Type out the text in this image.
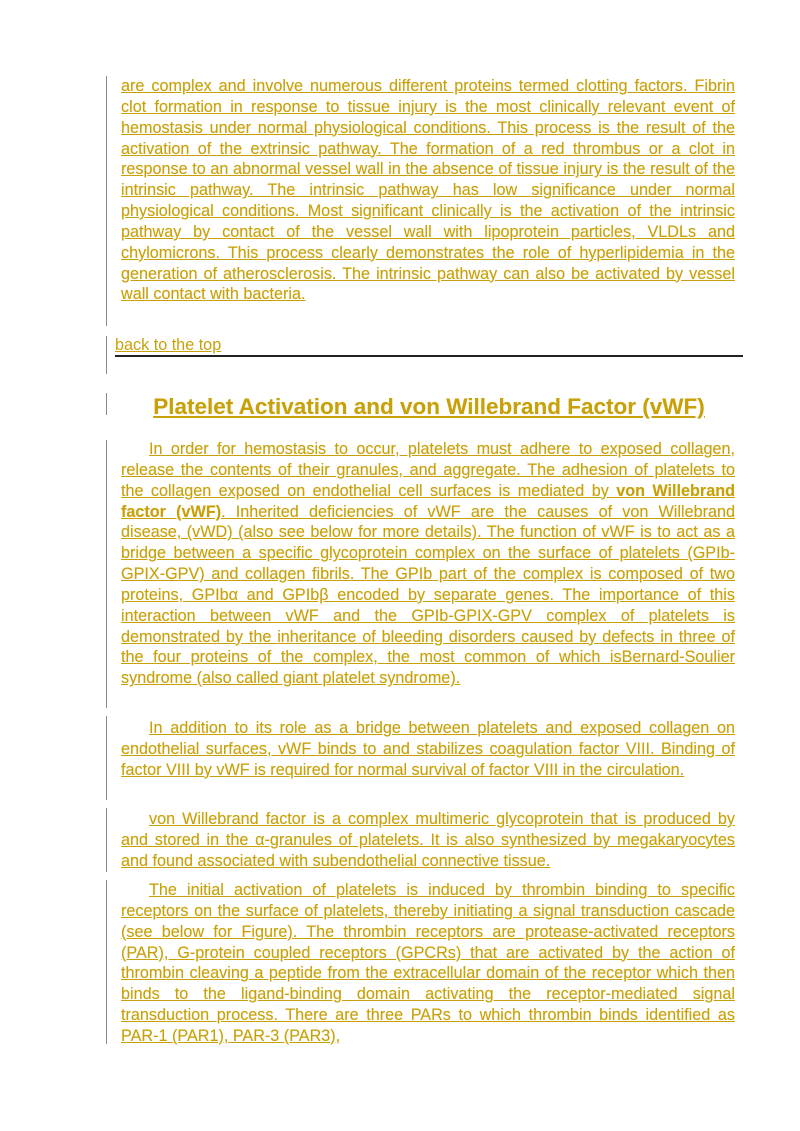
are complex and involve numerous different proteins termed clotting factors. Fibrin clot formation in response to tissue injury is the most clinically relevant event of hemostasis under normal physiological conditions. This process is the result of the activation of the extrinsic pathway. The formation of a red thrombus or a clot in response to an abnormal vessel wall in the absence of tissue injury is the result of the intrinsic pathway. The intrinsic pathway has low significance under normal physiological conditions. Most significant clinically is the activation of the intrinsic pathway by contact of the vessel wall with lipoprotein particles, VLDLs and chylomicrons. This process clearly demonstrates the role of hyperlipidemia in the generation of atherosclerosis. The intrinsic pathway can also be activated by vessel wall contact with bacteria.

back to the top
Platelet Activation and von Willebrand Factor (vWF)

In order for hemostasis to occur, platelets must adhere to exposed collagen, release the contents of their granules, and aggregate. The adhesion of platelets to the collagen exposed on endothelial cell surfaces is mediated by von Willebrand factor (vWF). Inherited deficiencies of vWF are the causes of von Willebrand disease, (vWD) (also see below for more details). The function of vWF is to act as a bridge between a specific glycoprotein complex on the surface of platelets (GPIb-GPIX-GPV) and collagen fibrils. The GPIb part of the complex is composed of two proteins, GPIbα and GPIbβ encoded by separate genes. The importance of this interaction between vWF and the GPIb-GPIX-GPV complex of platelets is demonstrated by the inheritance of bleeding disorders caused by defects in three of the four proteins of the complex, the most common of which isBernard-Soulier syndrome (also called giant platelet syndrome).

In addition to its role as a bridge between platelets and exposed collagen on endothelial surfaces, vWF binds to and stabilizes coagulation factor VIII. Binding of factor VIII by vWF is required for normal survival of factor VIII in the circulation.

von Willebrand factor is a complex multimeric glycoprotein that is produced by and stored in the α-granules of platelets. It is also synthesized by megakaryocytes and found associated with subendothelial connective tissue.

The initial activation of platelets is induced by thrombin binding to specific receptors on the surface of platelets, thereby initiating a signal transduction cascade (see below for Figure). The thrombin receptors are protease-activated receptors (PAR), G-protein coupled receptors (GPCRs) that are activated by the action of thrombin cleaving a peptide from the extracellular domain of the receptor which then binds to the ligand-binding domain activating the receptor-mediated signal transduction process. There are three PARs to which thrombin binds identified as PAR-1 (PAR1), PAR-3 (PAR3),
